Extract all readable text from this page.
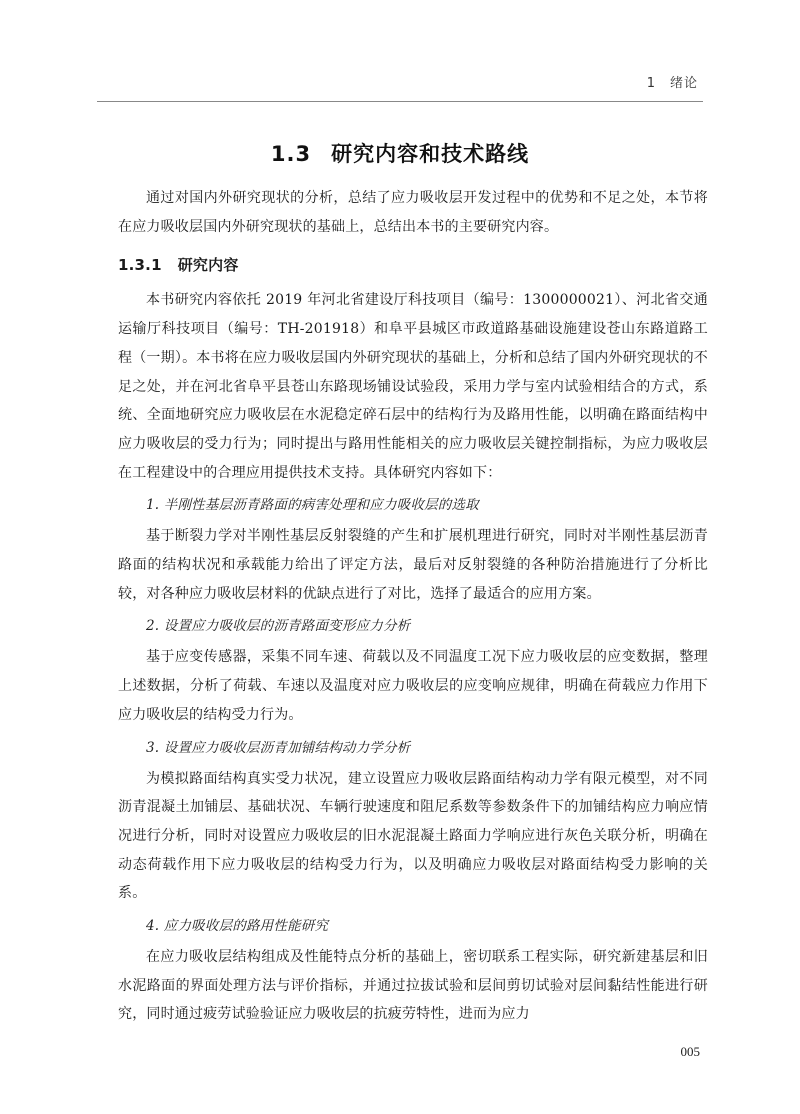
1 绪论
1.3 研究内容和技术路线

通过对国内外研究现状的分析，总结了应力吸收层开发过程中的优势和不足之处，本节将在应力吸收层国内外研究现状的基础上，总结出本书的主要研究内容。

1.3.1 研究内容

本书研究内容依托 2019 年河北省建设厅科技项目（编号：1300000021）、河北省交通运输厅科技项目（编号：TH-201918）和阜平县城区市政道路基础设施建设苍山东路道路工程（一期）。本书将在应力吸收层国内外研究现状的基础上，分析和总结了国内外研究现状的不足之处，并在河北省阜平县苍山东路现场铺设试验段，采用力学与室内试验相结合的方式，系统、全面地研究应力吸收层在水泥稳定碎石层中的结构行为及路用性能，以明确在路面结构中应力吸收层的受力行为；同时提出与路用性能相关的应力吸收层关键控制指标，为应力吸收层在工程建设中的合理应用提供技术支持。具体研究内容如下：

1. 半刚性基层沥青路面的病害处理和应力吸收层的选取

基于断裂力学对半刚性基层反射裂缝的产生和扩展机理进行研究，同时对半刚性基层沥青路面的结构状况和承载能力给出了评定方法，最后对反射裂缝的各种防治措施进行了分析比较，对各种应力吸收层材料的优缺点进行了对比，选择了最适合的应用方案。

2. 设置应力吸收层的沥青路面变形应力分析

基于应变传感器，采集不同车速、荷载以及不同温度工况下应力吸收层的应变数据，整理上述数据，分析了荷载、车速以及温度对应力吸收层的应变响应规律，明确在荷载应力作用下应力吸收层的结构受力行为。

3. 设置应力吸收层沥青加铺结构动力学分析

为模拟路面结构真实受力状况，建立设置应力吸收层路面结构动力学有限元模型，对不同沥青混凝土加铺层、基础状况、车辆行驶速度和阻尼系数等参数条件下的加铺结构应力响应情况进行分析，同时对设置应力吸收层的旧水泥混凝土路面力学响应进行灰色关联分析，明确在动态荷载作用下应力吸收层的结构受力行为，以及明确应力吸收层对路面结构受力影响的关系。

4. 应力吸收层的路用性能研究

在应力吸收层结构组成及性能特点分析的基础上，密切联系工程实际，研究新建基层和旧水泥路面的界面处理方法与评价指标，并通过拉拔试验和层间剪切试验对层间黏结性能进行研究，同时通过疲劳试验验证应力吸收层的抗疲劳特性，进而为应力

005
